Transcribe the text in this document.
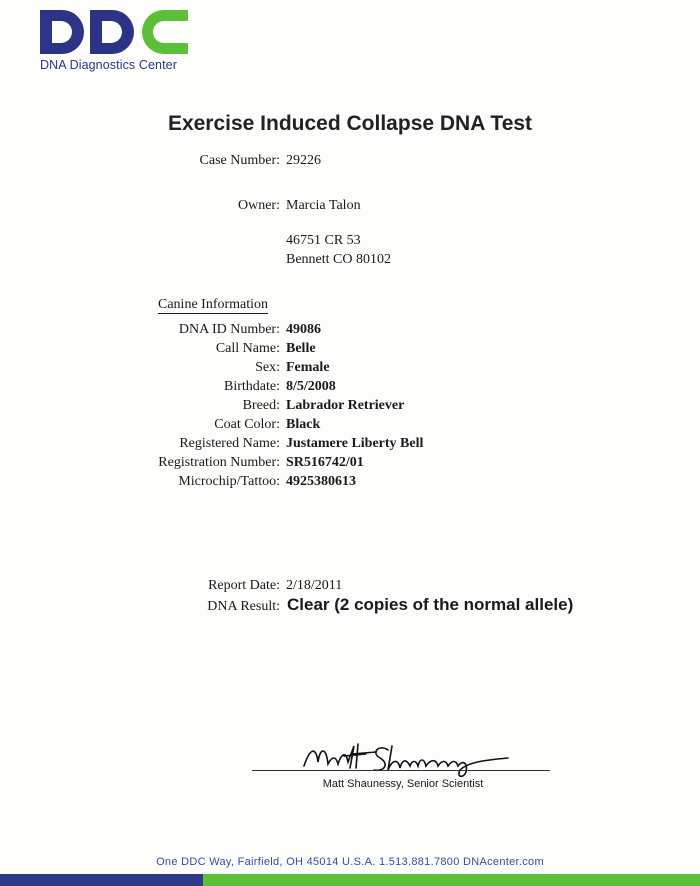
DNA Diagnostics Center
Exercise Induced Collapse DNA Test
Case Number: 29226
Owner: Marcia Talon
46751 CR 53
Bennett CO 80102
Canine Information
DNA ID Number: 49086
Call Name: Belle
Sex: Female
Birthdate: 8/5/2008
Breed: Labrador Retriever
Coat Color: Black
Registered Name: Justamere Liberty Bell
Registration Number: SR516742/01
Microchip/Tattoo: 4925380613
Report Date: 2/18/2011
DNA Result: Clear (2 copies of the normal allele)
Matt Shaunessy, Senior Scientist
One DDC Way, Fairfield, OH 45014 U.S.A. 1.513.881.7800 DNAcenter.com
